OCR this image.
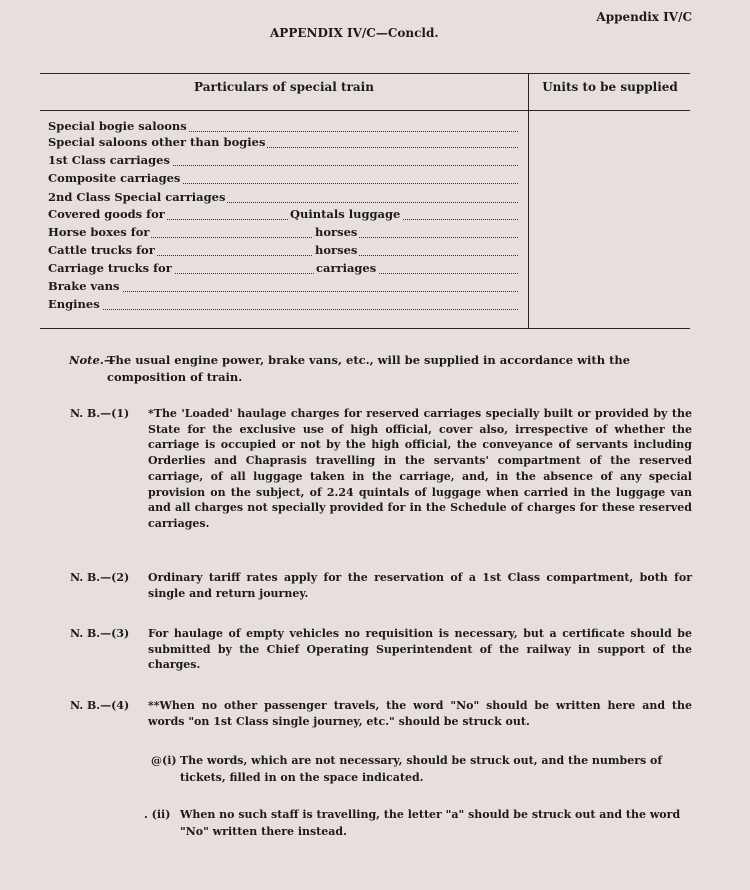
Appendix IV/C
APPENDIX IV/C—Concld.
Particulars of special train	Units to be supplied
Special bogie saloons
Special saloons other than bogies
1st Class carriages
Composite carriages
2nd Class Special carriages
Covered goods for	Quintals luggage
Horse boxes for	horses
Cattle trucks for	horses
Carriage trucks for	carriages
Brake vans
Engines
Note.—
The usual engine power, brake vans, etc., will be supplied in accordance with the composition of train.
N. B.—(1) *The 'Loaded' haulage charges for reserved carriages specially built or provided by the State for the exclusive use of high official, cover also, irrespective of whether the carriage is occupied or not by the high official, the conveyance of servants including Orderlies and Chaprasis travelling in the servants' compartment of the reserved carriage, of all luggage taken in the carriage, and, in the absence of any special provision on the subject, of 2.24 quintals of luggage when carried in the luggage van and all charges not specially provided for in the Schedule of charges for these reserved carriages.
N. B.—(2) Ordinary tariff rates apply for the reservation of a 1st Class compartment, both for single and return journey.
N. B.—(3) For haulage of empty vehicles no requisition is necessary, but a certificate should be submitted by the Chief Operating Superintendent of the railway in support of the charges.
N. B.—(4) **When no other passenger travels, the word "No" should be written here and the words "on 1st Class single journey, etc." should be struck out.
@(i) The words, which are not necessary, should be struck out, and the numbers of tickets, filled in on the space indicated.
. (ii) When no such staff is travelling, the letter "a" should be struck out and the word "No" written there instead.
